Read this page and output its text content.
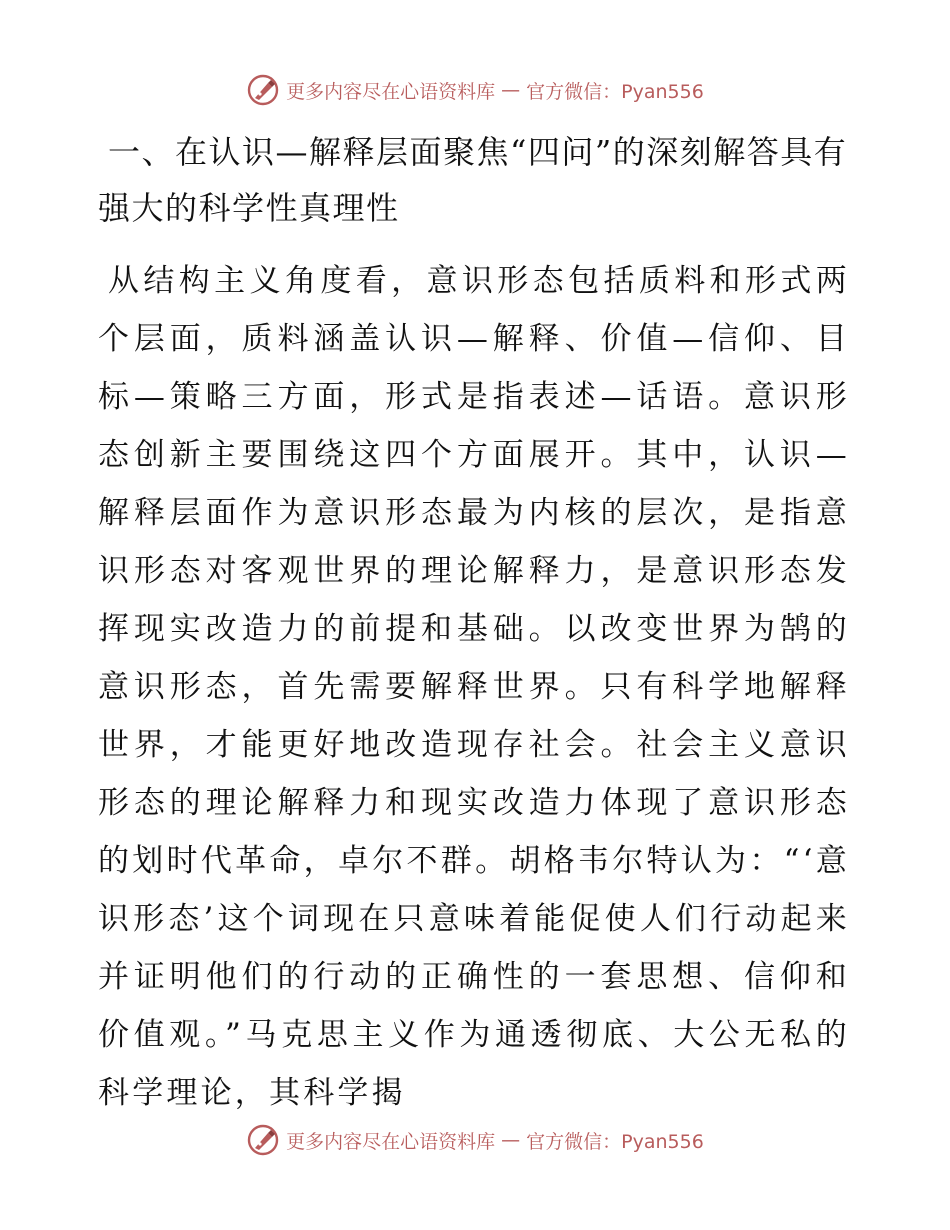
更多内容尽在心语资料库 — 官方微信：Pyan556
一、在认识—解释层面聚焦“四问”的深刻解答具有强大的科学性真理性

从结构主义角度看，意识形态包括质料和形式两个层面，质料涵盖认识—解释、价值—信仰、目标—策略三方面，形式是指表述—话语。意识形态创新主要围绕这四个方面展开。其中，认识—解释层面作为意识形态最为内核的层次，是指意识形态对客观世界的理论解释力，是意识形态发挥现实改造力的前提和基础。以改变世界为鹄的意识形态，首先需要解释世界。只有科学地解释世界，才能更好地改造现存社会。社会主义意识形态的理论解释力和现实改造力体现了意识形态的划时代革命，卓尔不群。胡格韦尔特认为：“‘意识形态’这个词现在只意味着能促使人们行动起来并证明他们的行动的正确性的一套思想、信仰和价值观。”马克思主义作为通透彻底、大公无私的科学理论，其科学揭

更多内容尽在心语资料库 — 官方微信：Pyan556
